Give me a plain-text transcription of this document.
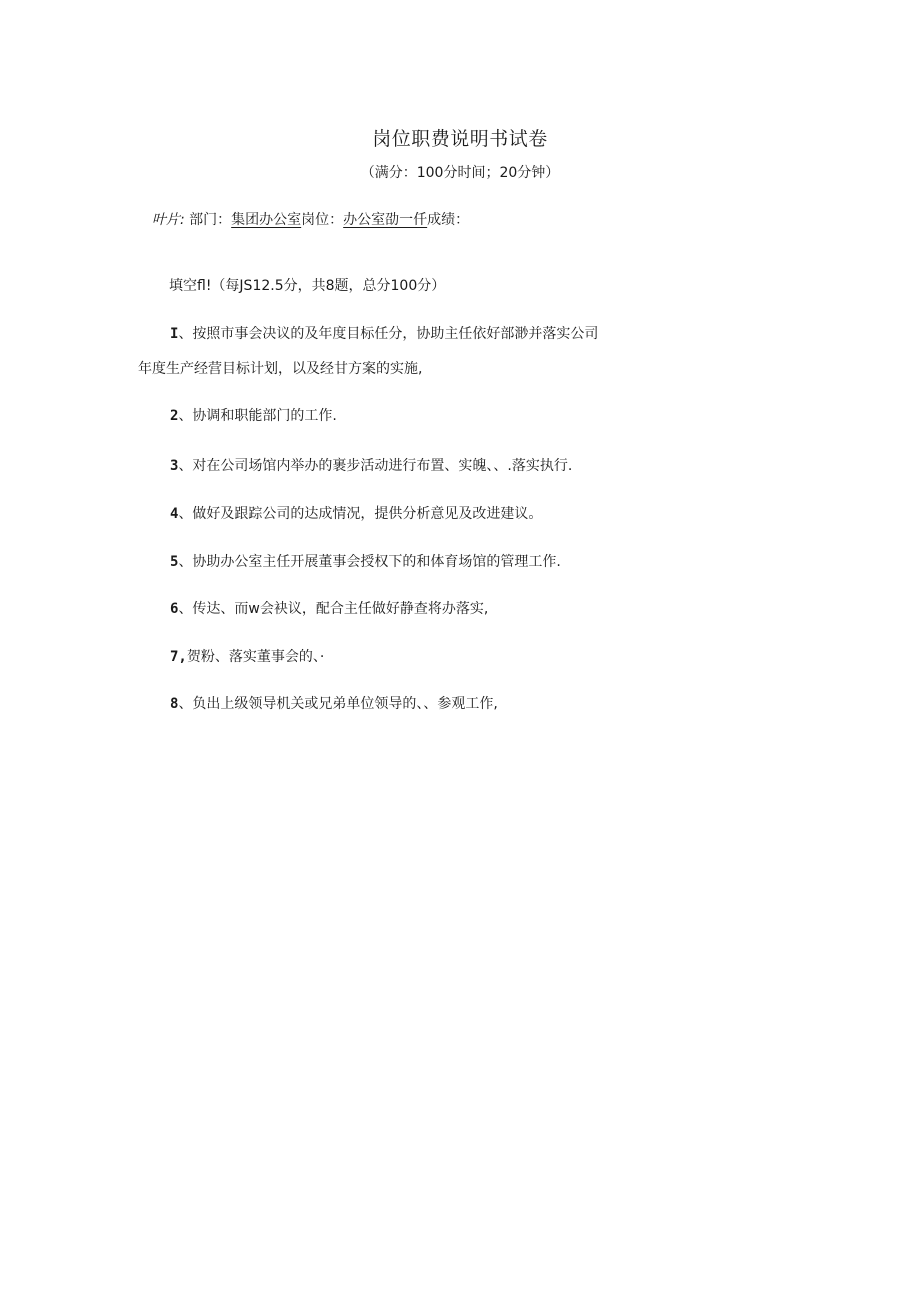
岗位职费说明书试卷
（满分：100分时间；20分钟）
叶片: 部门：集团办公室岗位：办公室劭一仟成绩：
填空fl!（每JS12.5分，共8题，总分100分）
I、按照市事会决议的及年度目标任分，协助主任依好部渺并落实公司
年度生产经营目标计划，以及经甘方案的实施,
2、协调和职能部门的工作.
3、对在公司场馆内举办的裹步活动进行布置、实魄、、.落实执行.
4、做好及跟踪公司的达成情况，提供分析意见及改进建议。
5、协助办公室主任开展董事会授权下的和体育场馆的管理工作.
6、传达、而w会袂议，配合主任做好静查将办落实,
7,贺粉、落实董事会的、·
8、负出上级领导机关或兄弟单位领导的、、参观工作,
